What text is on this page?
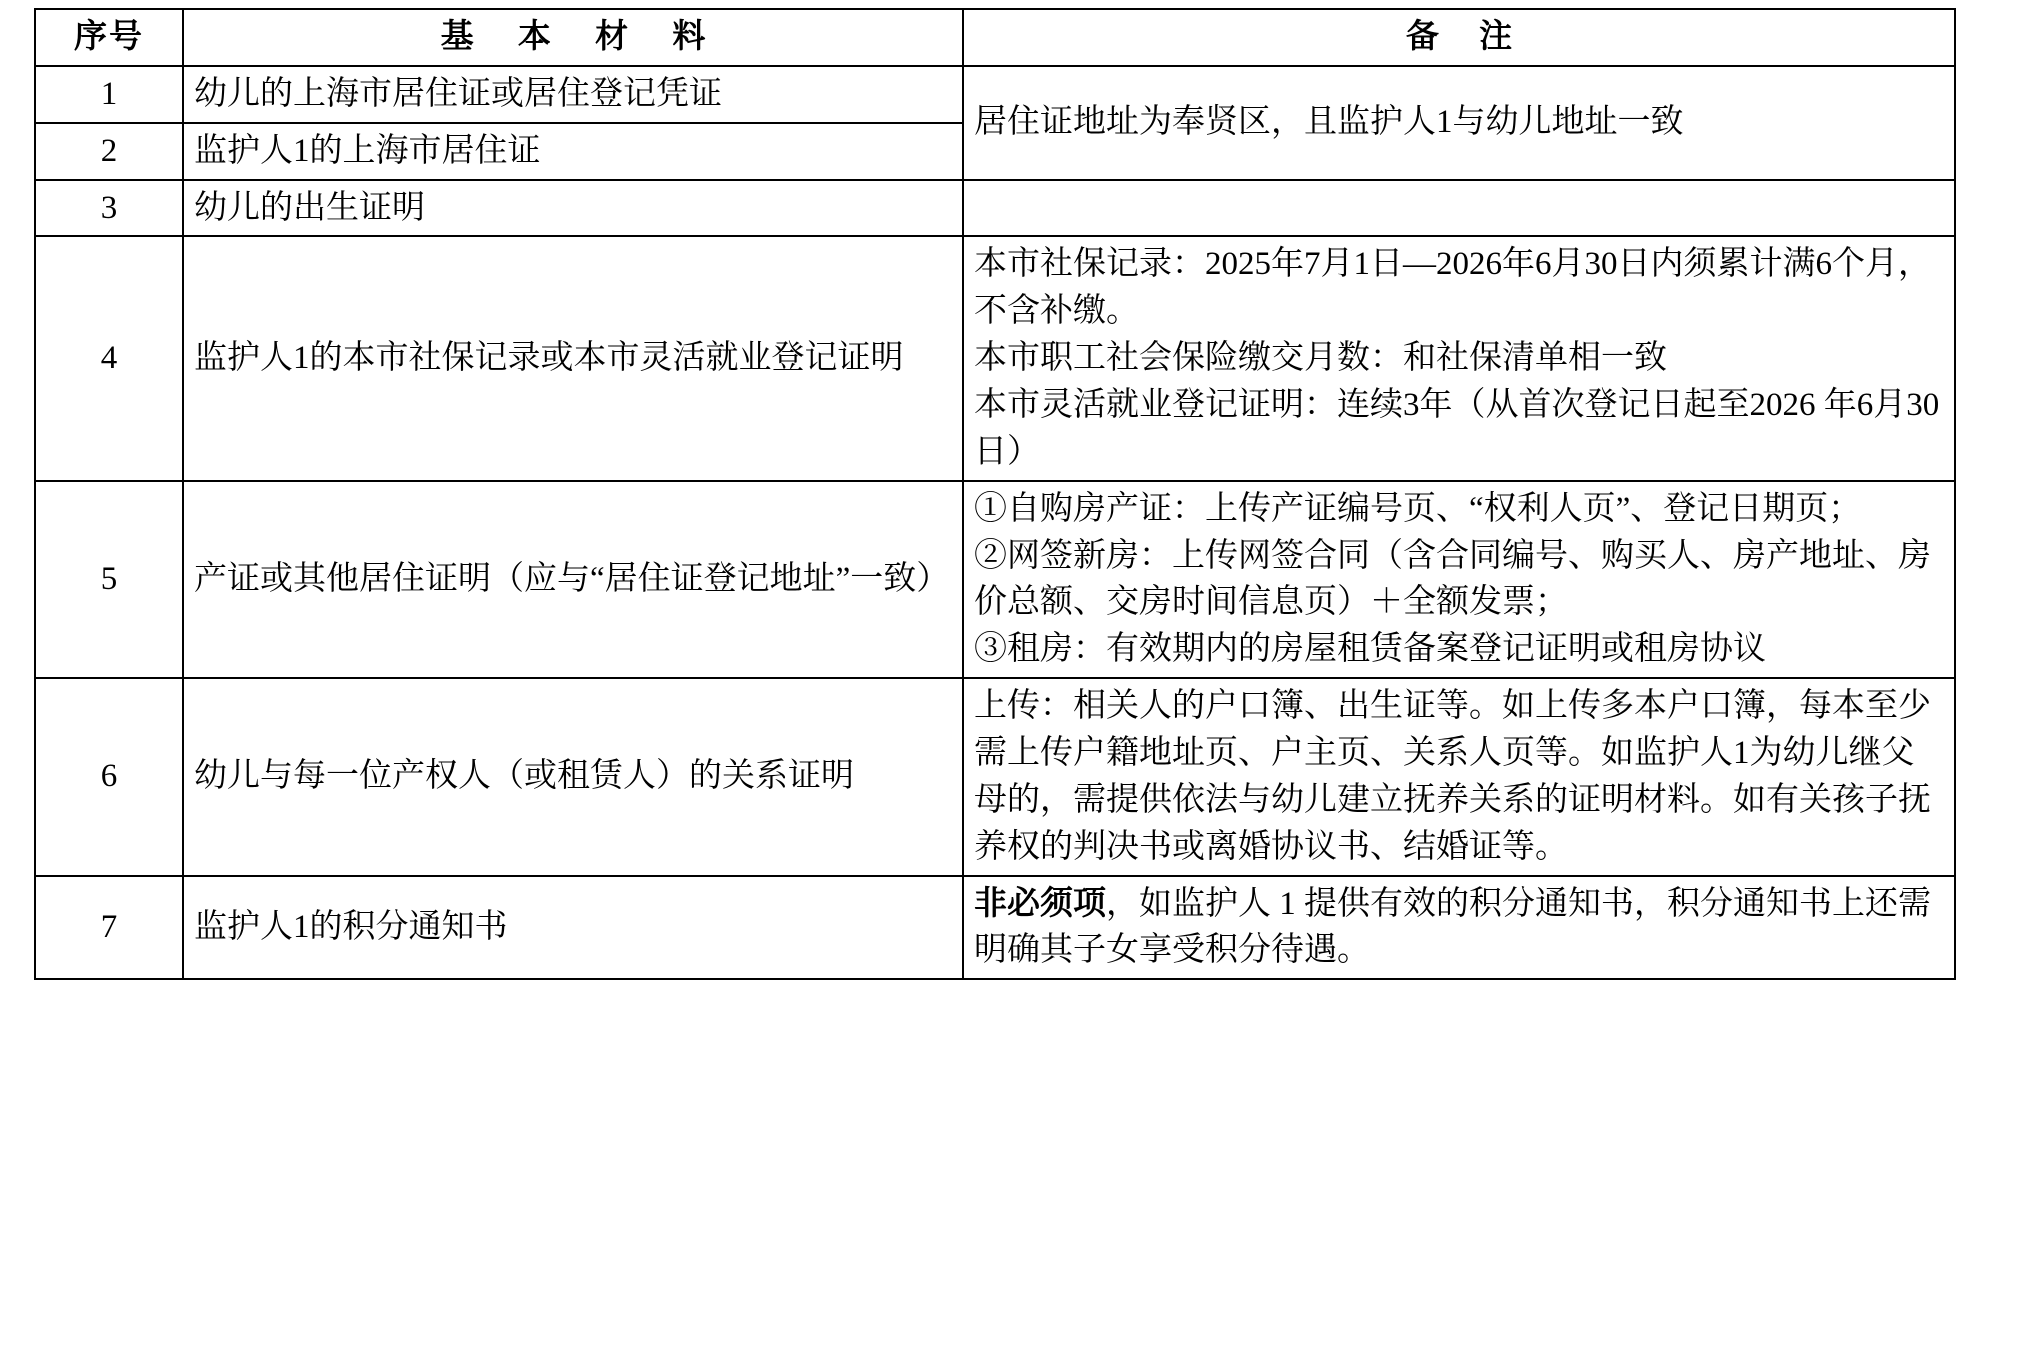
序号	基 本 材 料	备 注
1	幼儿的上海市居住证或居住登记凭证	居住证地址为奉贤区，且监护人1与幼儿地址一致
2	监护人1的上海市居住证	
3	幼儿的出生证明	
4	监护人1的本市社保记录或本市灵活就业登记证明	本市社保记录：2025年7月1日—2026年6月30日内须累计满6个月，不含补缴。
本市职工社会保险缴交月数：和社保清单相一致
本市灵活就业登记证明：连续3年（从首次登记日起至2026 年6月30日）

5	产证或其他居住证明（应与“居住证登记地址”一致）	①自购房产证：上传产证编号页、“权利人页”、登记日期页；
②网签新房：上传网签合同（含合同编号、购买人、房产地址、房价总额、交房时间信息页）＋全额发票；
③租房：有效期内的房屋租赁备案登记证明或租房协议

6	幼儿与每一位产权人（或租赁人）的关系证明	上传：相关人的户口簿、出生证等。如上传多本户口簿，每本至少需上传户籍地址页、户主页、关系人页等。如监护人1为幼儿继父母的，需提供依法与幼儿建立抚养关系的证明材料。如有关孩子抚养权的判决书或离婚协议书、结婚证等。
7	监护人1的积分通知书	非必须项，如监护人 1 提供有效的积分通知书，积分通知书上还需明确其子女享受积分待遇。
